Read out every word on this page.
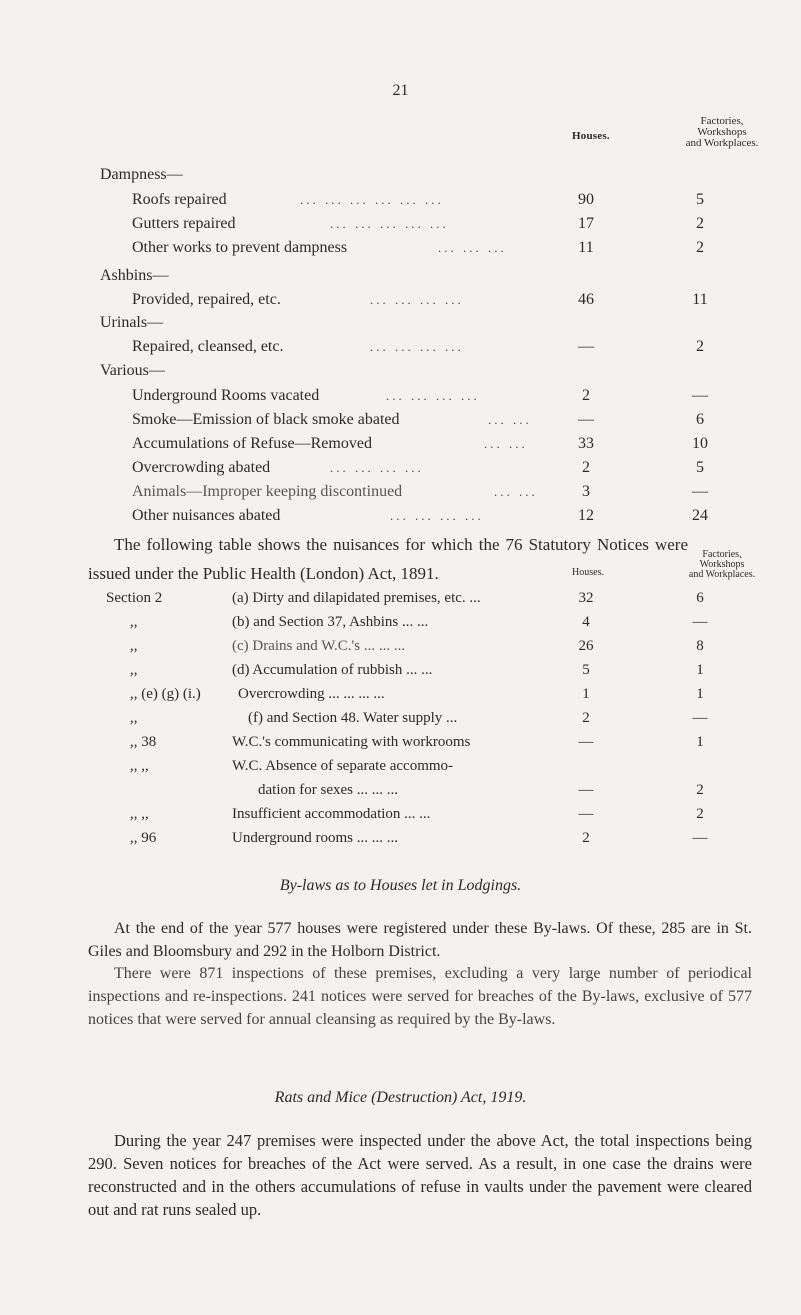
21
Houses.
Factories,
Workshops
and Workplaces.
Dampness—
Roofs repaired	... ... ... ... ... ...	90	5
Gutters repaired	... ... ... ... ...	17	2
Other works to prevent dampness	... ... ...	11	2
Ashbins—
Provided, repaired, etc.	... ... ... ...	46	11
Urinals—
Repaired, cleansed, etc.	... ... ... ...	—	2
Various—
Underground Rooms vacated	... ... ... ...	2	—
Smoke—Emission of black smoke abated	... ...	—	6
Accumulations of Refuse—Removed	... ...	33	10
Overcrowding abated	... ... ... ...	2	5
Animals—Improper keeping discontinued	... ...	3	—
Other nuisances abated	... ... ... ...	12	24
The following table shows the nuisances for which the 76 Statutory Notices were issued under the Public Health (London) Act, 1891.	Houses.
Factories,
Workshops
and Workplaces.
Section 2	(a) Dirty and dilapidated premises, etc. ...	32	6
,,	(b) and Section 37, Ashbins ... ...	4	—
,,	(c) Drains and W.C.'s ... ... ...	26	8
,,	(d) Accumulation of rubbish ... ...	5	1
,, (e) (g) (i.)	Overcrowding ... ... ... ...	1	1
,,	(f) and Section 48. Water supply ...	2	—
,, 38	W.C.'s communicating with workrooms	—	1
,, ,,	W.C. Absence of separate accommo-
dation for sexes ... ... ...	—	2
,, ,,	Insufficient accommodation ... ...	—	2
,, 96	Underground rooms ... ... ...	2	—
By-laws as to Houses let in Lodgings.
At the end of the year 577 houses were registered under these By-laws. Of these, 285 are in St. Giles and Bloomsbury and 292 in the Holborn District.
There were 871 inspections of these premises, excluding a very large number of periodical inspections and re-inspections. 241 notices were served for breaches of the By-laws, exclusive of 577 notices that were served for annual cleansing as required by the By-laws.
Rats and Mice (Destruction) Act, 1919.
During the year 247 premises were inspected under the above Act, the total inspections being 290. Seven notices for breaches of the Act were served. As a result, in one case the drains were reconstructed and in the others accumulations of refuse in vaults under the pavement were cleared out and rat runs sealed up.
